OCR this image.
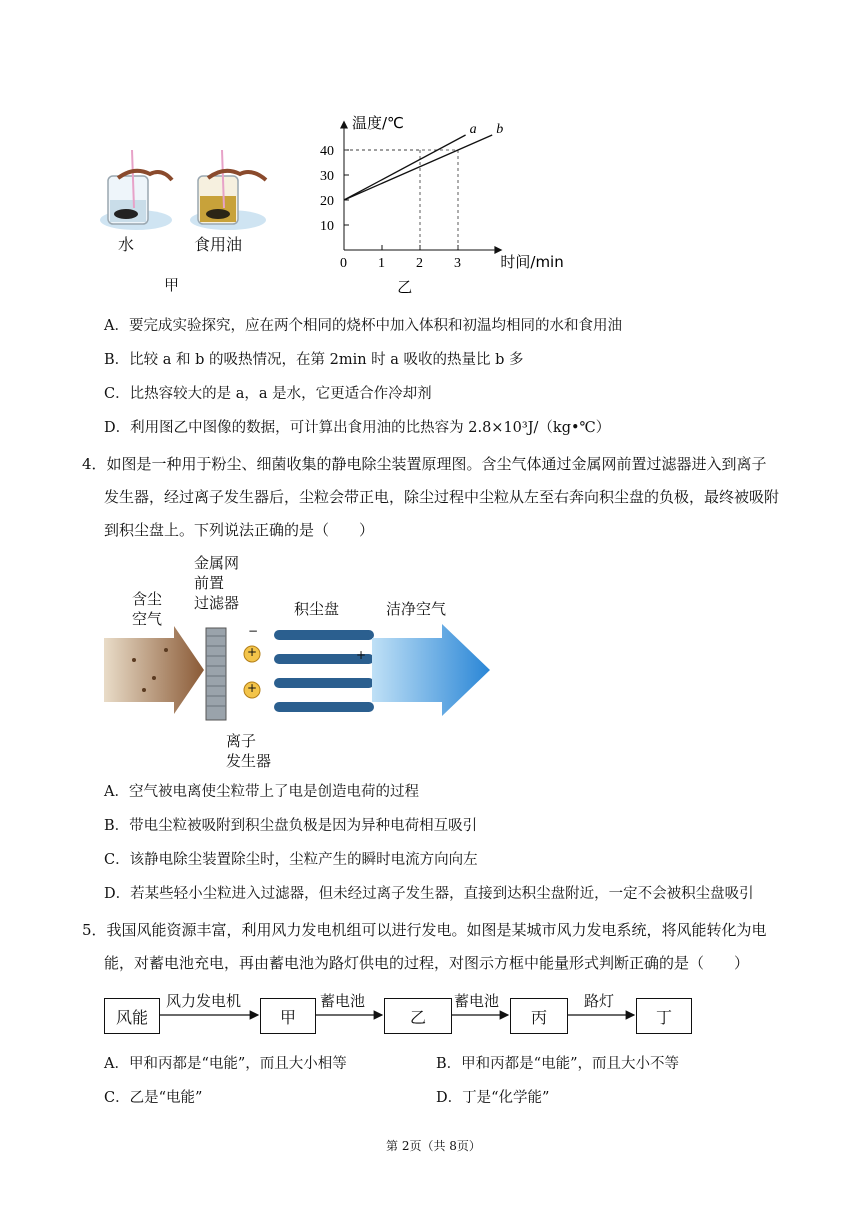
水	食用油
甲
0 1 2 3
10
20
30
40
a b
温度/℃
时间/min
乙
A．要完成实验探究，应在两个相同的烧杯中加入体积和初温均相同的水和食用油
B．比较 a 和 b 的吸热情况，在第 2min 时 a 吸收的热量比 b 多
C．比热容较大的是 a，a 是水，它更适合作冷却剂
D．利用图乙中图像的数据，可计算出食用油的比热容为 2.8×10³J/（kg•℃）
4．如图是一种用于粉尘、细菌收集的静电除尘装置原理图。含尘气体通过金属网前置过滤器进入到离子
发生器，经过离子发生器后，尘粒会带正电，除尘过程中尘粒从左至右奔向积尘盘的负极，最终被吸附
到积尘盘上。下列说法正确的是（　　）
含尘
空气
金属网
前置
过滤器	积尘盘	洁净空气
+
+
−
+
离子
发生器
A．空气被电离使尘粒带上了电是创造电荷的过程
B．带电尘粒被吸附到积尘盘负极是因为异种电荷相互吸引
C．该静电除尘装置除尘时，尘粒产生的瞬时电流方向向左
D．若某些轻小尘粒进入过滤器，但未经过离子发生器，直接到达积尘盘附近，一定不会被积尘盘吸引
5．我国风能资源丰富，利用风力发电机组可以进行发电。如图是某城市风力发电系统，将风能转化为电
能，对蓄电池充电，再由蓄电池为路灯供电的过程，对图示方框中能量形式判断正确的是（　　）
风能	甲	乙	丙	丁
风力发电机	蓄电池	蓄电池	路灯
A．甲和丙都是“电能”，而且大小相等	B．甲和丙都是“电能”，而且大小不等
C．乙是“电能”	D．丁是“化学能”
第 2页（共 8页）
